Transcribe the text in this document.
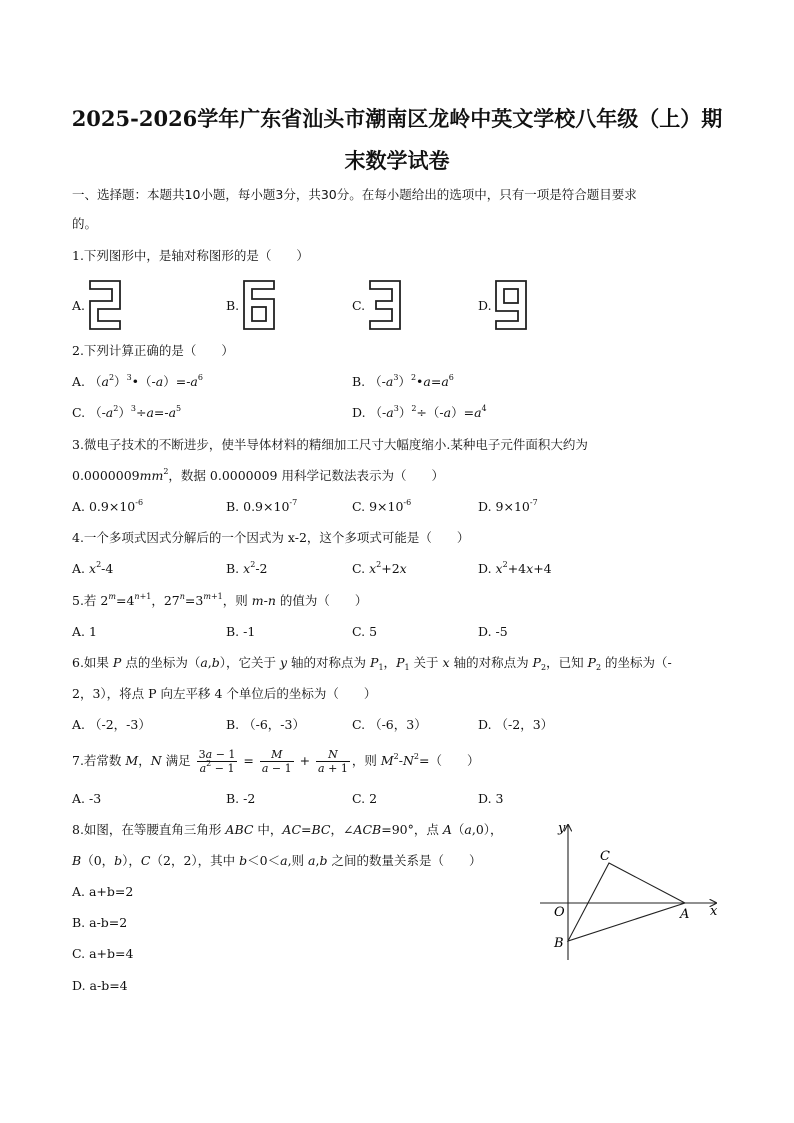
2025-2026学年广东省汕头市潮南区龙岭中英文学校八年级（上）期
末数学试卷
一、选择题：本题共10小题，每小题3分，共30分。在每小题给出的选项中，只有一项是符合题目要求
的。
1.下列图形中，是轴对称图形的是（　　）
A.	B.	C.	D.
2.下列计算正确的是（　　）
A. $(a^2)^3•(-a)=-a^6$	B. $(-a^3)^2•a=a^6$
C. $(-a^2)^3\div a=-a^5$	D. $(-a^3)^2\div(-a)=a^4$
3.微电子技术的不断进步，使半导体材料的精细加工尺寸大幅度缩小.某种电子元件面积大约为
$0.0000009mm^2$，数据 0.0000009 用科学记数法表示为（　　）
A. $0.9\times 10^{-6}$	B. $0.9\times 10^{-7}$	C. $9\times 10^{-6}$	D. $9\times 10^{-7}$
4.一个多项式因式分解后的一个因式为 x-2，这个多项式可能是（　　）
A. $x^2-4$	B. $x^2-2$	C. $x^2+2x$	D. $x^2+4x+4$
5.若 $2^m=4^{n+1}$，$27^n=3^{m+1}$，则 m-n 的值为（　　）
A. 1	B. -1	C. 5	D. -5
6.如果 P 点的坐标为（a,b），它关于 y 轴的对称点为 $P_1$，$P_1$ 关于 x 轴的对称点为 $P_2$，已知 $P_2$ 的坐标为（-
2，3），将点 P 向左平移 4 个单位后的坐标为（　　）
A. （-2，-3）	B. （-6，-3）	C. （-6，3）	D. （-2，3）
7.若常数 M，N 满足 $\frac{3a - 1}{a^2 - 1} = \frac{M}{a - 1} + \frac{N}{a + 1}$ ，则 $M^2-N^2=$（　　）
A. -3	B. -2	C. 2	D. 3
8.如图，在等腰直角三角形 ABC 中，AC=BC，∠ACB=90°，点 A（a,0），
B（0，b），C（2，2），其中 b＜0＜a,则 a,b 之间的数量关系是（　　）
A. a+b=2
B. a-b=2
C. a+b=4
D. a-b=4
y
x
O	A
B
C
